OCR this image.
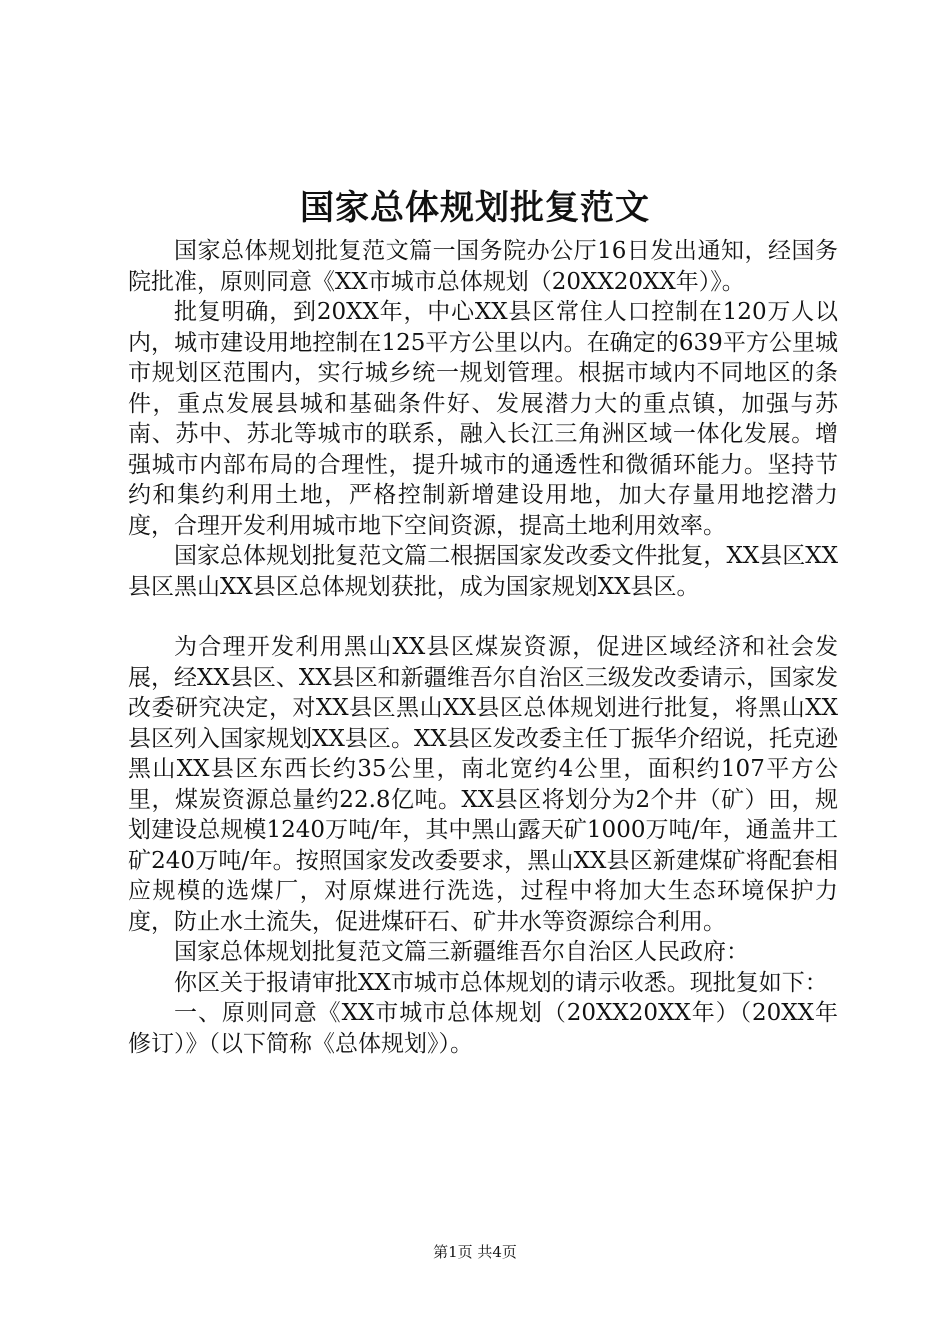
国家总体规划批复范文

国家总体规划批复范文篇一国务院办公厅16日发出通知，经国务院批准，原则同意《XX市城市总体规划（20XX20XX年）》。

批复明确，到20XX年，中心XX县区常住人口控制在120万人以内，城市建设用地控制在125平方公里以内。在确定的639平方公里城市规划区范围内，实行城乡统一规划管理。根据市域内不同地区的条件，重点发展县城和基础条件好、发展潜力大的重点镇，加强与苏南、苏中、苏北等城市的联系，融入长江三角洲区域一体化发展。增强城市内部布局的合理性，提升城市的通透性和微循环能力。坚持节约和集约利用土地，严格控制新增建设用地，加大存量用地挖潜力度，合理开发利用城市地下空间资源，提高土地利用效率。

国家总体规划批复范文篇二根据国家发改委文件批复，XX县区XX县区黑山XX县区总体规划获批，成为国家规划XX县区。

为合理开发利用黑山XX县区煤炭资源，促进区域经济和社会发展，经XX县区、XX县区和新疆维吾尔自治区三级发改委请示，国家发改委研究决定，对XX县区黑山XX县区总体规划进行批复，将黑山XX县区列入国家规划XX县区。XX县区发改委主任丁振华介绍说，托克逊黑山XX县区东西长约35公里，南北宽约4公里，面积约107平方公里，煤炭资源总量约22.8亿吨。XX县区将划分为2个井（矿）田，规划建设总规模1240万吨/年，其中黑山露天矿1000万吨/年，通盖井工矿240万吨/年。按照国家发改委要求，黑山XX县区新建煤矿将配套相应规模的选煤厂，对原煤进行洗选，过程中将加大生态环境保护力度，防止水土流失，促进煤矸石、矿井水等资源综合利用。

国家总体规划批复范文篇三新疆维吾尔自治区人民政府：

你区关于报请审批XX市城市总体规划的请示收悉。现批复如下：

一、原则同意《XX市城市总体规划（20XX20XX年）（20XX年修订）》（以下简称《总体规划》）。

第1页 共4页
